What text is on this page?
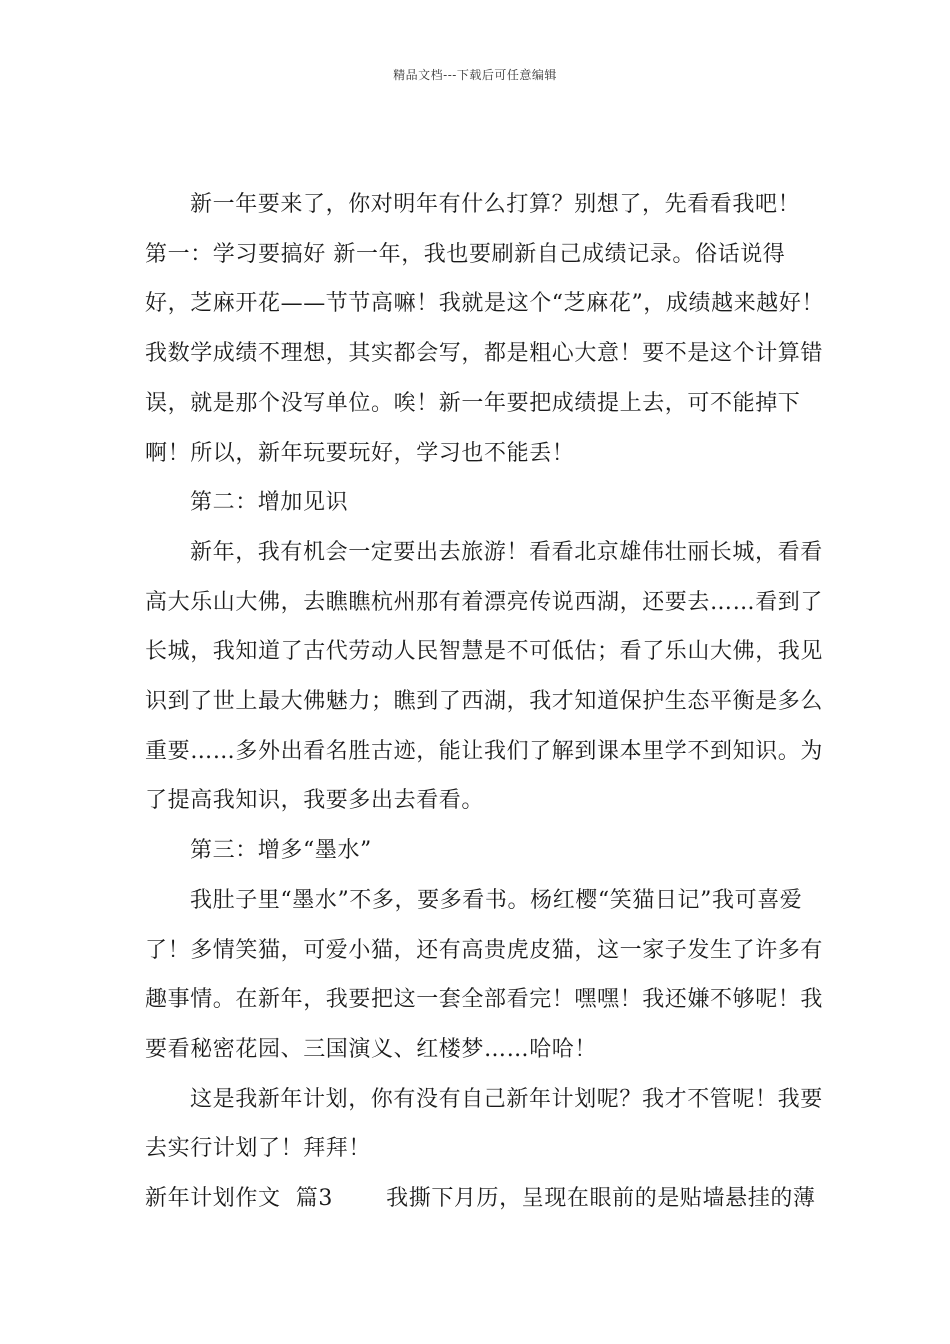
精品文档---下载后可任意编辑

新一年要来了，你对明年有什么打算？别想了，先看看我吧！

第一：学习要搞好 新一年，我也要刷新自己成绩记录。俗话说得好，芝麻开花——节节高嘛！我就是这个“芝麻花”，成绩越来越好！我数学成绩不理想，其实都会写，都是粗心大意！要不是这个计算错误，就是那个没写单位。唉！新一年要把成绩提上去，可不能掉下啊！所以，新年玩要玩好，学习也不能丢！

第二：增加见识

新年，我有机会一定要出去旅游！看看北京雄伟壮丽长城，看看高大乐山大佛，去瞧瞧杭州那有着漂亮传说西湖，还要去……看到了长城，我知道了古代劳动人民智慧是不可低估；看了乐山大佛，我见识到了世上最大佛魅力；瞧到了西湖，我才知道保护生态平衡是多么重要……多外出看名胜古迹，能让我们了解到课本里学不到知识。为了提高我知识，我要多出去看看。

第三：增多“墨水”

我肚子里“墨水”不多，要多看书。杨红樱“笑猫日记”我可喜爱了！多情笑猫，可爱小猫，还有高贵虎皮猫，这一家子发生了许多有趣事情。在新年，我要把这一套全部看完！嘿嘿！我还嫌不够呢！我要看秘密花园、三国演义、红楼梦……哈哈！

这是我新年计划，你有没有自己新年计划呢？我才不管呢！我要去实行计划了！拜拜！

新年计划作文  篇3       我撕下月历，呈现在眼前的是贴墙悬挂的薄
